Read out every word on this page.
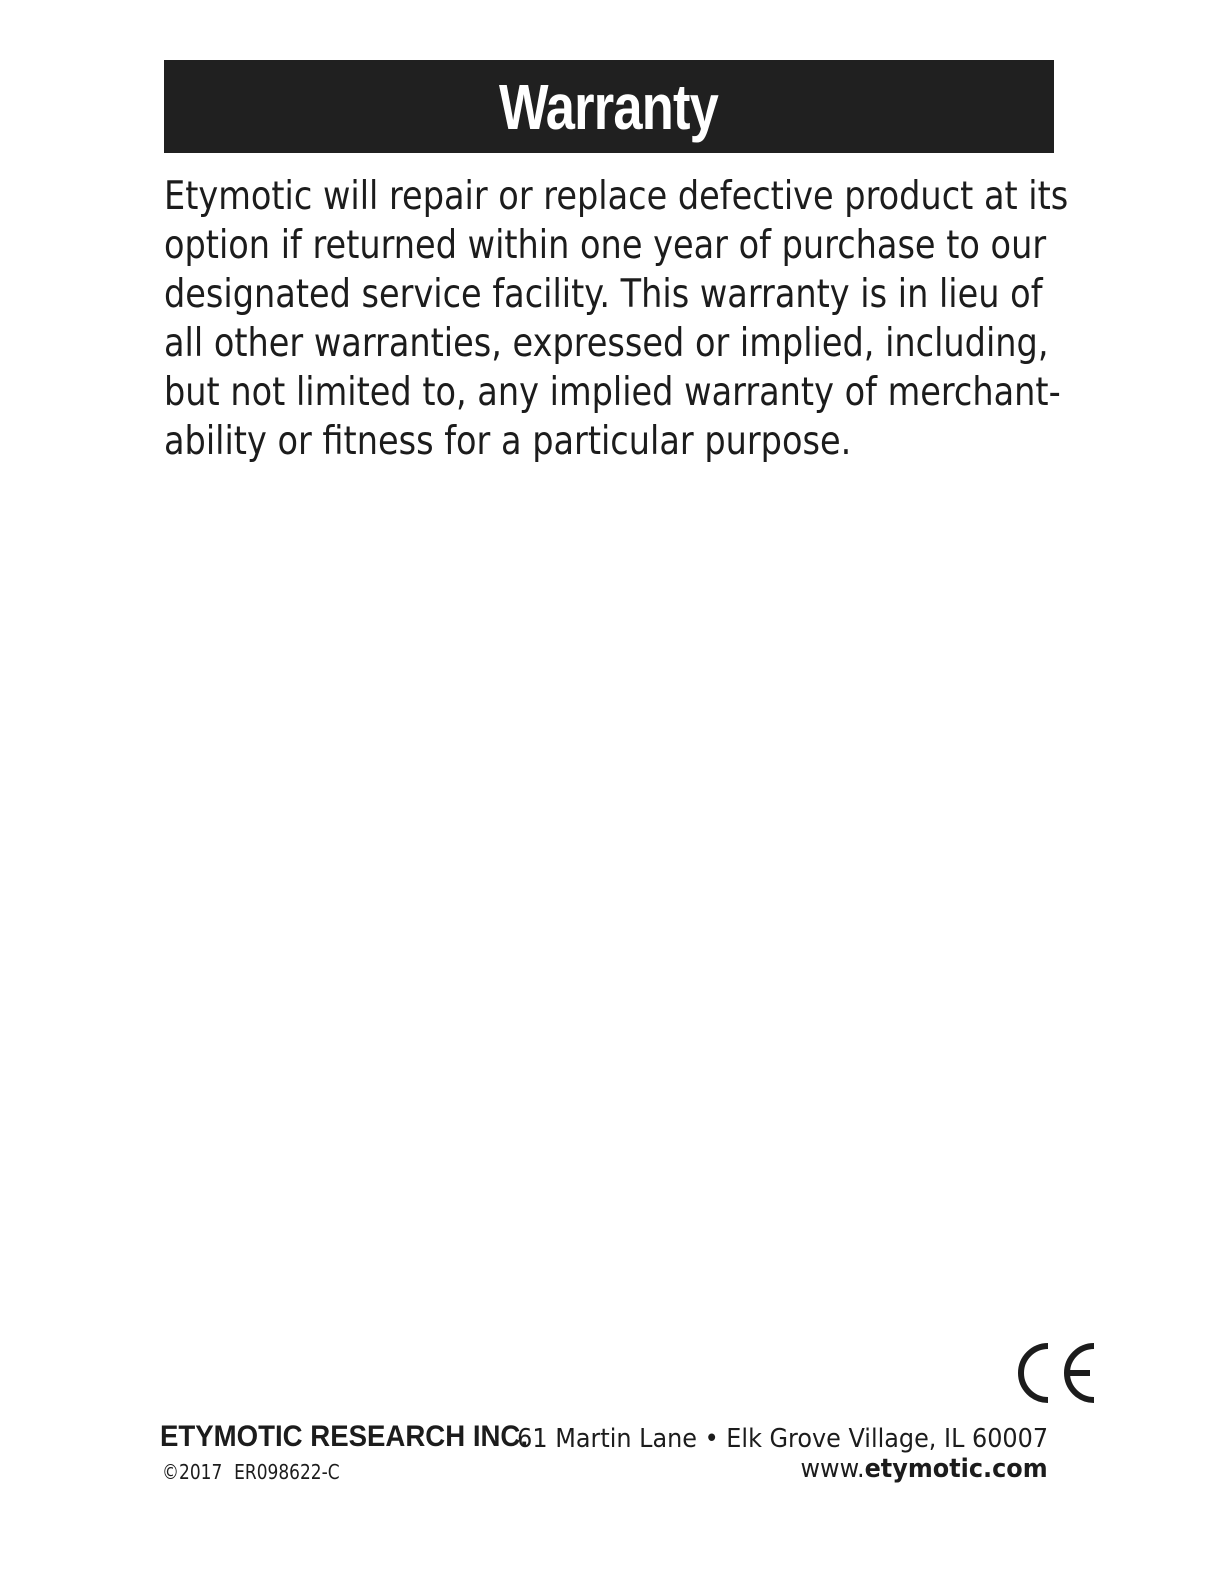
Warranty
Etymotic will repair or replace defective product at its
option if returned within one year of purchase to our
designated service facility. This warranty is in lieu of
all other warranties, expressed or implied, including,
but not limited to, any implied warranty of merchant-
ability or fitness for a particular purpose.
ETYMOTIC RESEARCH INC.
©2017 ER098622-C
61 Martin Lane • Elk Grove Village, IL 60007
www.etymotic.com
